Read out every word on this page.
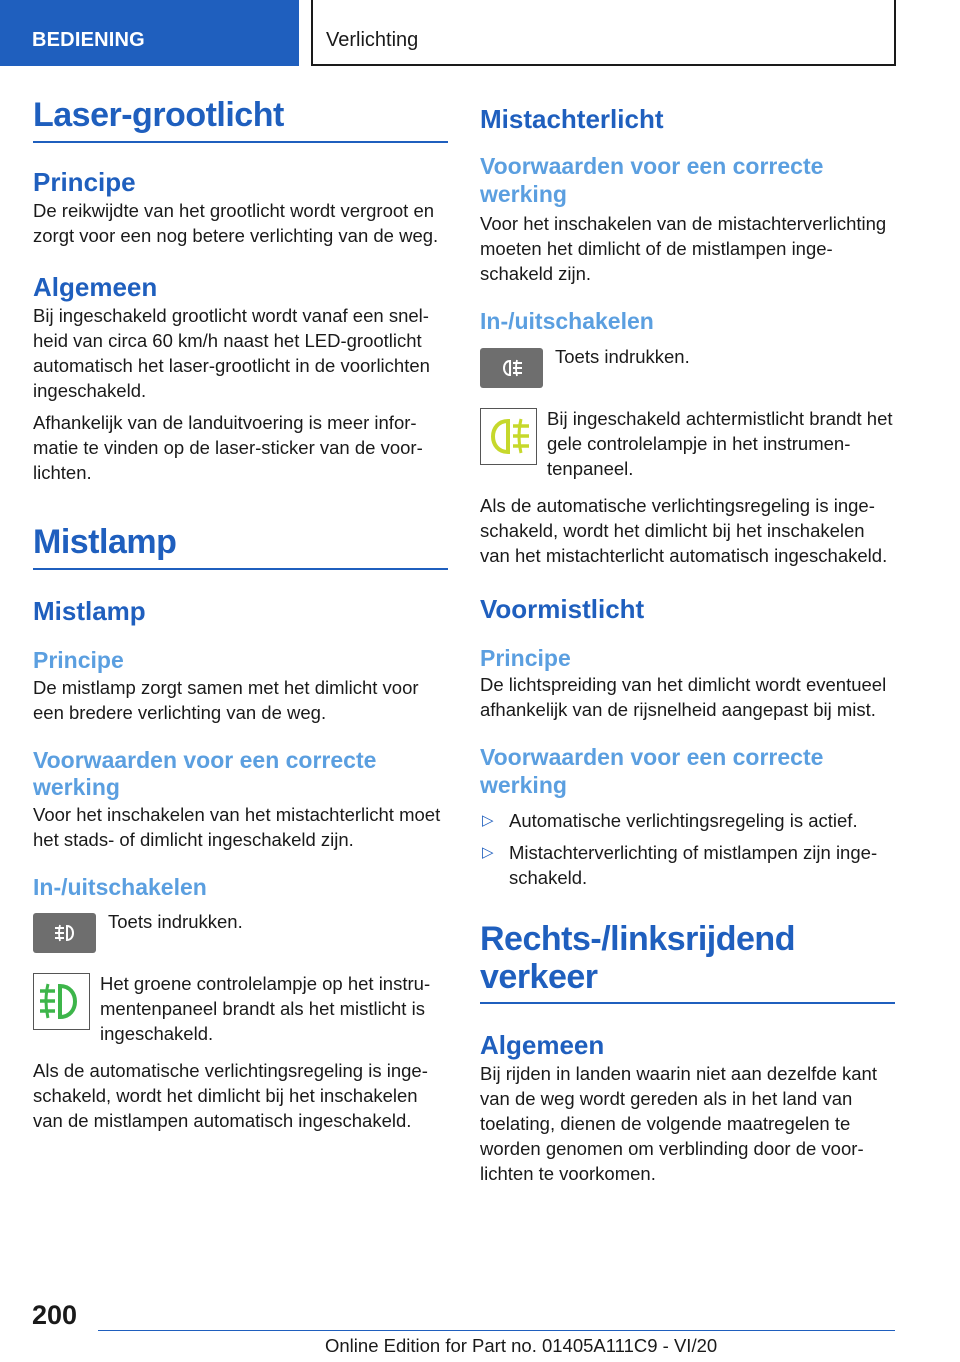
BEDIENING	Verlichting
Laser-grootlicht
Principe

De reikwijdte van het grootlicht wordt vergroot en zorgt voor een nog betere verlichting van de weg.

Algemeen

Bij ingeschakeld grootlicht wordt vanaf een snelheid van circa 60 km/h naast het LED-grootlicht automatisch het laser-grootlicht in de voorlichten ingeschakeld.

Afhankelijk van de landuitvoering is meer informatie te vinden op de laser-sticker van de voorlichten.

Mistlamp
Mistlamp
Principe

De mistlamp zorgt samen met het dimlicht voor een bredere verlichting van de weg.

Voorwaarden voor een correcte werking

Voor het inschakelen van het mistachterlicht moet het stads- of dimlicht ingeschakeld zijn.

In-/uitschakelen
Toets indrukken.

Het groene controlelampje op het instrumentenpaneel brandt als het mistlicht is ingeschakeld.

Als de automatische verlichtingsregeling is ingeschakeld, wordt het dimlicht bij het inschakelen van de mistlampen automatisch ingeschakeld.

Mistachterlicht
Voorwaarden voor een correcte werking

Voor het inschakelen van de mistachterverlichting moeten het dimlicht of de mistlampen ingeschakeld zijn.

In-/uitschakelen
Toets indrukken.

Bij ingeschakeld achtermistlicht brandt het gele controlelampje in het instrumentenpaneel.

Als de automatische verlichtingsregeling is ingeschakeld, wordt het dimlicht bij het inschakelen van het mistachterlicht automatisch ingeschakeld.

Voormistlicht
Principe

De lichtspreiding van het dimlicht wordt eventueel afhankelijk van de rijsnelheid aangepast bij mist.

Voorwaarden voor een correcte werking
▷ Automatische verlichtingsregeling is actief.
▷ Mistachterverlichting of mistlampen zijn ingeschakeld.
Rechts-/linksrijdend verkeer
Algemeen

Bij rijden in landen waarin niet aan dezelfde kant van de weg wordt gereden als in het land van toelating, dienen de volgende maatregelen te worden genomen om verblinding door de voorlichten te voorkomen.

200
Online Edition for Part no. 01405A111C9 - VI/20
